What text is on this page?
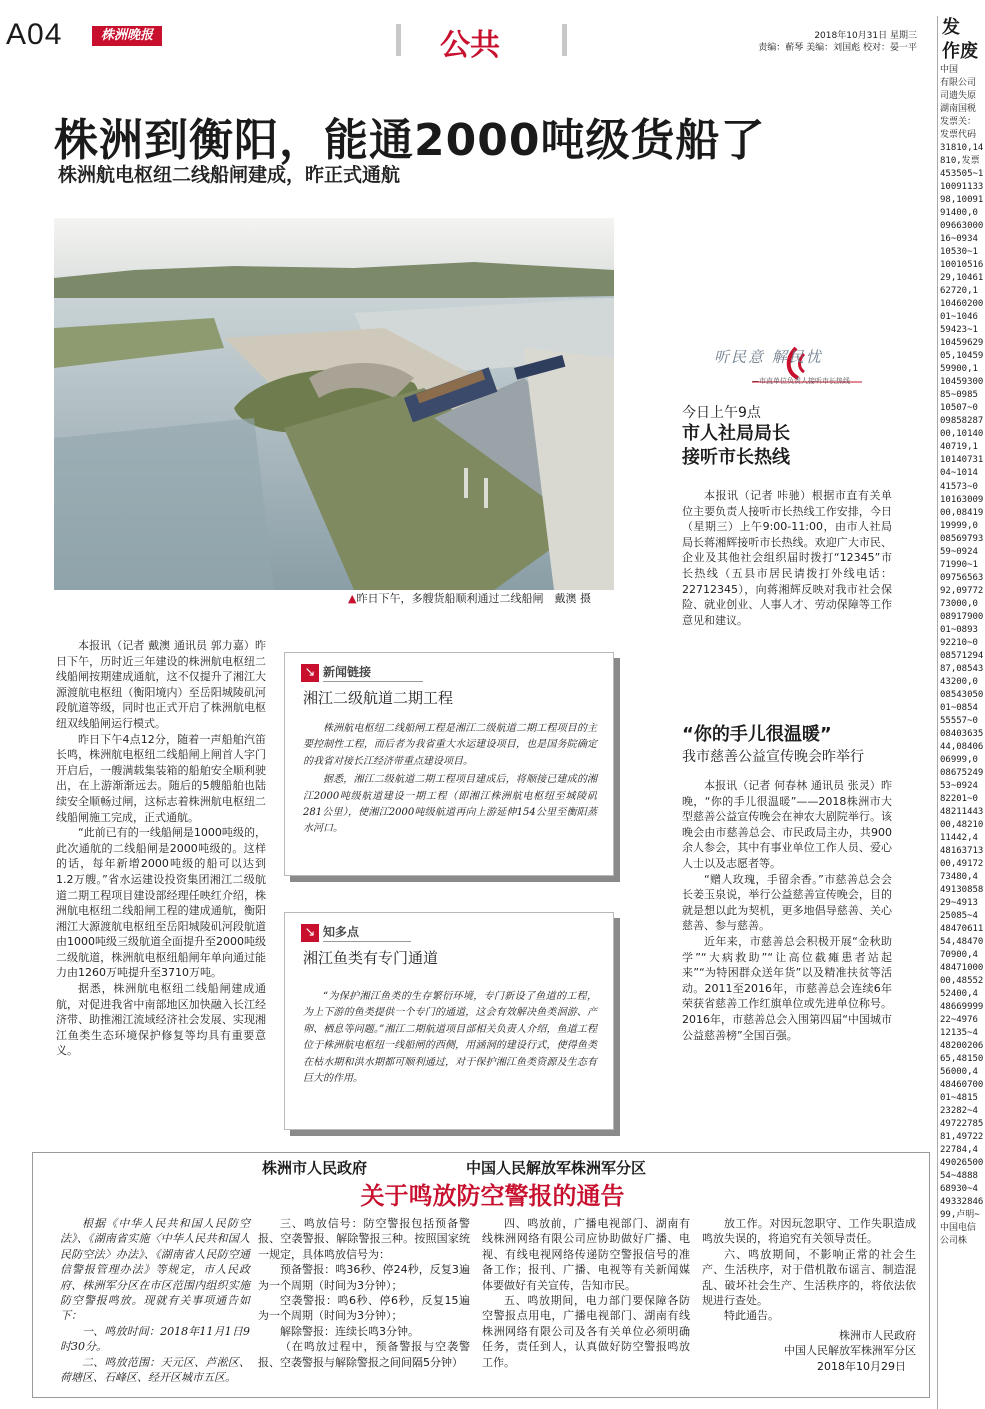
A04	株洲晚报	公共	2018年10月31日 星期三
责编：蕲琴 美编：刘国彪 校对：晏一平
株洲到衡阳，能通2000吨级货船了
株洲航电枢纽二线船闸建成，昨正式通航
▲昨日下午，多艘货船顺利通过二线船闸　戴澳 摄

本报讯（记者 戴澳 通讯员 郭力嘉）昨日下午，历时近三年建设的株洲航电枢纽二线船闸按期建成通航，这不仅提升了湘江大源渡航电枢纽（衡阳境内）至岳阳城陵矶河段航道等级，同时也正式开启了株洲航电枢纽双线船闸运行模式。

昨日下午4点12分，随着一声船舶汽笛长鸣，株洲航电枢纽二线船闸上闸首人字门开启后，一艘满载集装箱的船舶安全顺利驶出，在上游渐渐远去。随后的5艘船舶也陆续安全顺畅过闸，这标志着株洲航电枢纽二线船闸施工完成，正式通航。

“此前已有的一线船闸是1000吨级的，此次通航的二线船闸是2000吨级的。这样的话，每年新增2000吨级的船可以达到1.2万艘。”省水运建设投资集团湘江二级航道二期工程项目建设部经理任映红介绍，株洲航电枢纽二线船闸工程的建成通航，衡阳湘江大源渡航电枢纽至岳阳城陵矶河段航道由1000吨级三级航道全面提升至2000吨级二级航道，株洲航电枢纽船闸年单向通过能力由1260万吨提升至3710万吨。

据悉，株洲航电枢纽二线船闸建成通航，对促进我省中南部地区加快融入长江经济带、助推湘江流域经济社会发展、实现湘江鱼类生态环境保护修复等均具有重要意义。

↘ 新闻链接
湘江二级航道二期工程

株洲航电枢纽二线船闸工程是湘江二级航道二期工程项目的主要控制性工程，而后者为我省重大水运建设项目，也是国务院确定的我省对接长江经济带重点建设项目。

据悉，湘江二级航道二期工程项目建成后，将顺接已建成的湘江2000吨级航道建设一期工程（即湘江株洲航电枢纽至城陵矶281公里），使湘江2000吨级航道再向上游延伸154公里至衡阳蒸水河口。

↘ 知多点
湘江鱼类有专门通道

“为保护湘江鱼类的生存繁衍环境，专门新设了鱼道的工程，为上下游的鱼类提供一个专门的通道，这会有效解决鱼类洄游、产卵、栖息等问题。”湘江二期航道项目部相关负责人介绍，鱼道工程位于株洲航电枢纽一线船闸的西侧，用涵洞的建设行式，使得鱼类在枯水期和洪水期都可顺利通过，对于保护湘江鱼类资源及生态有巨大的作用。

听民意 解民忧
—市直单位负责人接听市长热线
今日上午9点
市人社局局长
接听市长热线

本报讯（记者 咔驰）根据市直有关单位主要负责人接听市长热线工作安排，今日（星期三）上午9:00-11:00，由市人社局局长蒋湘辉接听市长热线。欢迎广大市民、企业及其他社会组织届时拨打“12345”市长热线（五县市居民请拨打外线电话：22712345），向蒋湘辉反映对我市社会保险、就业创业、人事人才、劳动保障等工作意见和建议。

“你的手儿很温暖”
我市慈善公益宣传晚会昨举行

本报讯（记者 何春林 通讯员 张灵）昨晚，“你的手儿很温暖”——2018株洲市大型慈善公益宣传晚会在神农大剧院举行。该晚会由市慈善总会、市民政局主办，共900余人参会，其中有事业单位工作人员、爱心人士以及志愿者等。

“赠人玫瑰，手留余香。”市慈善总会会长姜玉泉说，举行公益慈善宣传晚会，目的就是想以此为契机，更多地倡导慈善、关心慈善、参与慈善。

近年来，市慈善总会积极开展“金秋助学”“大病救助”“让高位截瘫患者站起来”“为特困群众送年货”以及精准扶贫等活动。2011至2016年，市慈善总会连续6年荣获省慈善工作红旗单位或先进单位称号。2016年，市慈善总会入围第四届“中国城市公益慈善榜”全国百强。

发
作废
中国
有限公司
司遗失原
湖南国税
发票关：
发票代码
31810,14
810,发票
453505~1
10091133
98,10091
91400,0
09663000
16~0934
10530~1
10010516
29,10461
62720,1
10460200
01~1046
59423~1
10459629
05,10459
59900,1
10459300
85~0985
10507~0
09858287
00,10140
40719,1
10140731
04~1014
41573~0
10163009
00,08419
19999,0
08569793
59~0924
71990~1
09756563
92,09772
73000,0
08917900
01~0893
92210~0
08571294
87,08543
43200,0
08543050
01~0854
55557~0
08403635
44,08406
06999,0
08675249
53~0924
82201~0
48211443
00,48210
11442,4
48163713
00,49172
73480,4
49130858
29~4913
25085~4
48470611
54,48470
70900,4
48471000
00,48552
52400,4
48669999
22~4976
12135~4
48200206
65,48150
56000,4
48460700
01~4815
23282~4
49722785
81,49722
22784,4
49026500
54~4888
68930~4
49332846
99,卢明~
中国电信
公司株
株洲市人民政府	中国人民解放军株洲军分区
关于鸣放防空警报的通告

根据《中华人民共和国人民防空法》、《湖南省实施〈中华人民共和国人民防空法〉办法》、《湖南省人民防空通信警报管理办法》等规定，市人民政府、株洲军分区在市区范围内组织实施防空警报鸣放。现就有关事项通告如下：

一、鸣放时间：2018年11月1日9时30分。

二、鸣放范围：天元区、芦淞区、荷塘区、石峰区、经开区城市五区。

三、鸣放信号：防空警报包括预备警报、空袭警报、解除警报三种。按照国家统一规定，具体鸣放信号为：

预备警报：鸣36秒、停24秒，反复3遍为一个周期（时间为3分钟）；

空袭警报：鸣6秒、停6秒，反复15遍为一个周期（时间为3分钟）；

解除警报：连续长鸣3分钟。

（在鸣放过程中，预备警报与空袭警报、空袭警报与解除警报之间间隔5分钟）

四、鸣放前，广播电视部门、湖南有线株洲网络有限公司应协助做好广播、电视、有线电视网络传递防空警报信号的准备工作；报刊、广播、电视等有关新闻媒体要做好有关宣传，告知市民。

五、鸣放期间，电力部门要保障各防空警报点用电，广播电视部门、湖南有线株洲网络有限公司及各有关单位必须明确任务，责任到人，认真做好防空警报鸣放工作。

放工作。对因玩忽职守、工作失职造成鸣放失误的，将追究有关领导责任。

六、鸣放期间，不影响正常的社会生产、生活秩序，对于借机散布谣言、制造混乱、破坏社会生产、生活秩序的，将依法依规进行查处。

特此通告。

株洲市人民政府
中国人民解放军株洲军分区
2018年10月29日
